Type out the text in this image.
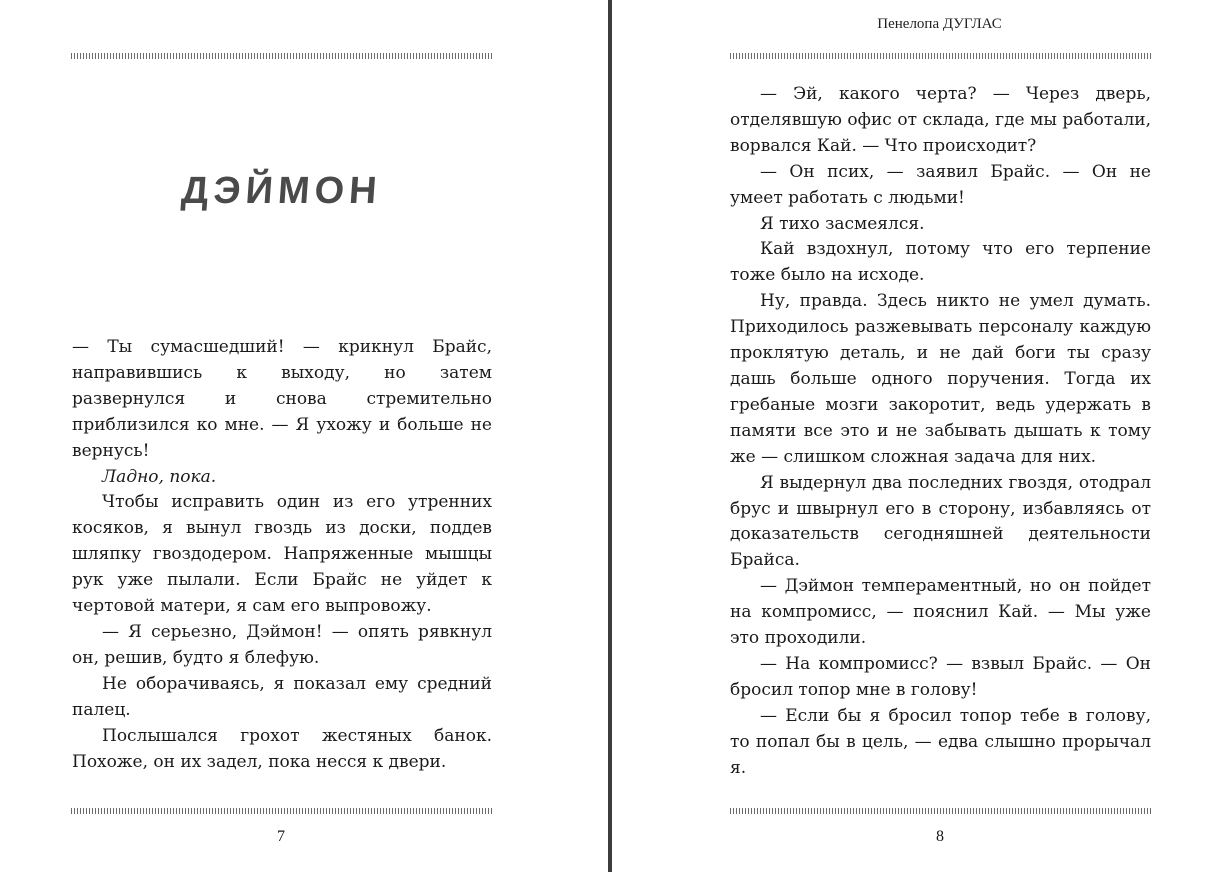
ДЭЙМОН

— Ты сумасшедший! — крикнул Брайс, направившись к выходу, но затем развернулся и снова стремительно приблизился ко мне. — Я ухожу и больше не вернусь!

Ладно, пока.

Чтобы исправить один из его утренних косяков, я вынул гвоздь из доски, поддев шляпку гвоздодером. Напряженные мышцы рук уже пылали. Если Брайс не уйдет к чертовой матери, я сам его выпровожу.

— Я серьезно, Дэймон! — опять рявкнул он, решив, будто я блефую.

Не оборачиваясь, я показал ему средний палец.

Послышался грохот жестяных банок. Похоже, он их задел, пока несся к двери.

7
Пенелопа ДУГЛАС

— Эй, какого черта? — Через дверь, отделявшую офис от склада, где мы работали, ворвался Кай. — Что происходит?

— Он псих, — заявил Брайс. — Он не умеет работать с людьми!

Я тихо засмеялся.

Кай вздохнул, потому что его терпение тоже было на исходе.

Ну, правда. Здесь никто не умел думать. Приходилось разжевывать персоналу каждую проклятую деталь, и не дай боги ты сразу дашь больше одного поручения. Тогда их гребаные мозги закоротит, ведь удержать в памяти все это и не забывать дышать к тому же — слишком сложная задача для них.

Я выдернул два последних гвоздя, отодрал брус и швырнул его в сторону, избавляясь от доказательств сегодняшней деятельности Брайса.

— Дэймон темпераментный, но он пойдет на компромисс, — пояснил Кай. — Мы уже это проходили.

— На компромисс? — взвыл Брайс. — Он бросил топор мне в голову!

— Если бы я бросил топор тебе в голову, то попал бы в цель, — едва слышно прорычал я.

8
